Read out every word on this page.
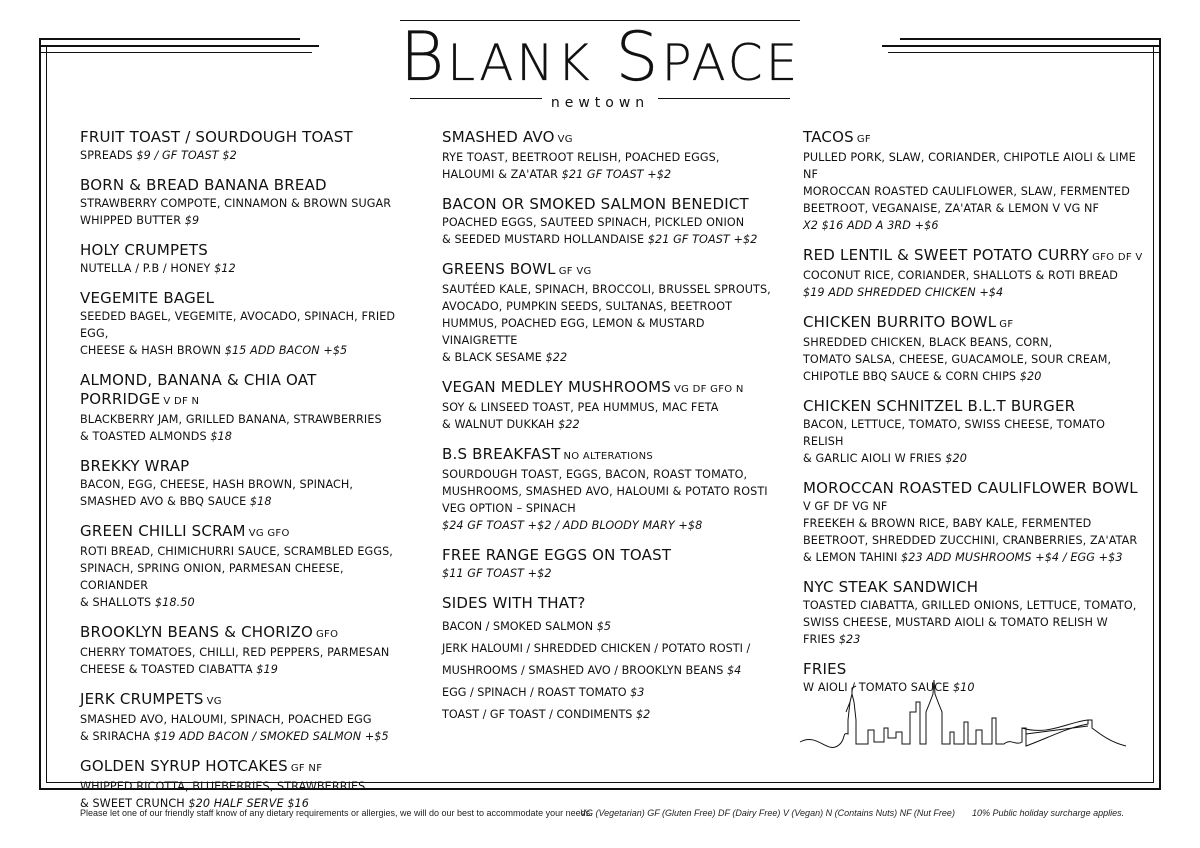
BLANK SPACE
newtown
FRUIT TOAST / SOURDOUGH TOAST
SPREADS $9 / GF TOAST $2
BORN & BREAD BANANA BREAD
STRAWBERRY COMPOTE, CINNAMON & BROWN SUGAR
WHIPPED BUTTER $9
HOLY CRUMPETS
NUTELLA / P.B / HONEY $12
VEGEMITE BAGEL
SEEDED BAGEL, VEGEMITE, AVOCADO, SPINACH, FRIED EGG,
CHEESE & HASH BROWN $15 ADD BACON +$5
ALMOND, BANANA & CHIA OAT PORRIDGE V DF N
BLACKBERRY JAM, GRILLED BANANA, STRAWBERRIES
& TOASTED ALMONDS $18
BREKKY WRAP
BACON, EGG, CHEESE, HASH BROWN, SPINACH,
SMASHED AVO & BBQ SAUCE $18
GREEN CHILLI SCRAM VG GFO
ROTI BREAD, CHIMICHURRI SAUCE, SCRAMBLED EGGS,
SPINACH, SPRING ONION, PARMESAN CHEESE, CORIANDER
& SHALLOTS $18.50
BROOKLYN BEANS & CHORIZO GFO
CHERRY TOMATOES, CHILLI, RED PEPPERS, PARMESAN
CHEESE & TOASTED CIABATTA $19
JERK CRUMPETS VG
SMASHED AVO, HALOUMI, SPINACH, POACHED EGG
& SRIRACHA $19 ADD BACON / SMOKED SALMON +$5
GOLDEN SYRUP HOTCAKES GF NF
WHIPPED RICOTTA, BLUEBERRIES, STRAWBERRIES
& SWEET CRUNCH $20 HALF SERVE $16
SMASHED AVO VG
RYE TOAST, BEETROOT RELISH, POACHED EGGS,
HALOUMI & ZA'ATAR $21 GF TOAST +$2
BACON OR SMOKED SALMON BENEDICT
POACHED EGGS, SAUTEED SPINACH, PICKLED ONION
& SEEDED MUSTARD HOLLANDAISE $21 GF TOAST +$2
GREENS BOWL GF VG
SAUTÉED KALE, SPINACH, BROCCOLI, BRUSSEL SPROUTS,
AVOCADO, PUMPKIN SEEDS, SULTANAS, BEETROOT
HUMMUS, POACHED EGG, LEMON & MUSTARD VINAIGRETTE
& BLACK SESAME $22
VEGAN MEDLEY MUSHROOMS VG DF GFO N
SOY & LINSEED TOAST, PEA HUMMUS, MAC FETA
& WALNUT DUKKAH $22
B.S BREAKFAST NO ALTERATIONS
SOURDOUGH TOAST, EGGS, BACON, ROAST TOMATO,
MUSHROOMS, SMASHED AVO, HALOUMI & POTATO ROSTI
VEG OPTION – SPINACH
$24 GF TOAST +$2 / ADD BLOODY MARY +$8
FREE RANGE EGGS ON TOAST
$11 GF TOAST +$2
SIDES WITH THAT?
BACON / SMOKED SALMON $5
JERK HALOUMI / SHREDDED CHICKEN / POTATO ROSTI /
MUSHROOMS / SMASHED AVO / BROOKLYN BEANS $4
EGG / SPINACH / ROAST TOMATO $3
TOAST / GF TOAST / CONDIMENTS $2
TACOS GF
PULLED PORK, SLAW, CORIANDER, CHIPOTLE AIOLI & LIME NF
MOROCCAN ROASTED CAULIFLOWER, SLAW, FERMENTED
BEETROOT, VEGANAISE, ZA'ATAR & LEMON V VG NF
X2 $16 ADD A 3RD +$6
RED LENTIL & SWEET POTATO CURRY GFO DF V
COCONUT RICE, CORIANDER, SHALLOTS & ROTI BREAD
$19 ADD SHREDDED CHICKEN +$4
CHICKEN BURRITO BOWL GF
SHREDDED CHICKEN, BLACK BEANS, CORN,
TOMATO SALSA, CHEESE, GUACAMOLE, SOUR CREAM,
CHIPOTLE BBQ SAUCE & CORN CHIPS $20
CHICKEN SCHNITZEL B.L.T BURGER
BACON, LETTUCE, TOMATO, SWISS CHEESE, TOMATO RELISH
& GARLIC AIOLI W FRIES $20
MOROCCAN ROASTED CAULIFLOWER BOWL
V GF DF VG NF
FREEKEH & BROWN RICE, BABY KALE, FERMENTED
BEETROOT, SHREDDED ZUCCHINI, CRANBERRIES, ZA'ATAR
& LEMON TAHINI $23 ADD MUSHROOMS +$4 / EGG +$3
NYC STEAK SANDWICH
TOASTED CIABATTA, GRILLED ONIONS, LETTUCE, TOMATO,
SWISS CHEESE, MUSTARD AIOLI & TOMATO RELISH W FRIES $23
FRIES
W AIOLI / TOMATO SAUCE $10
Please let one of our friendly staff know of any dietary requirements or allergies, we will do our best to accommodate your needs.
VG (Vegetarian) GF (Gluten Free) DF (Dairy Free) V (Vegan) N (Contains Nuts) NF (Nut Free) 10% Public holiday surcharge applies.
